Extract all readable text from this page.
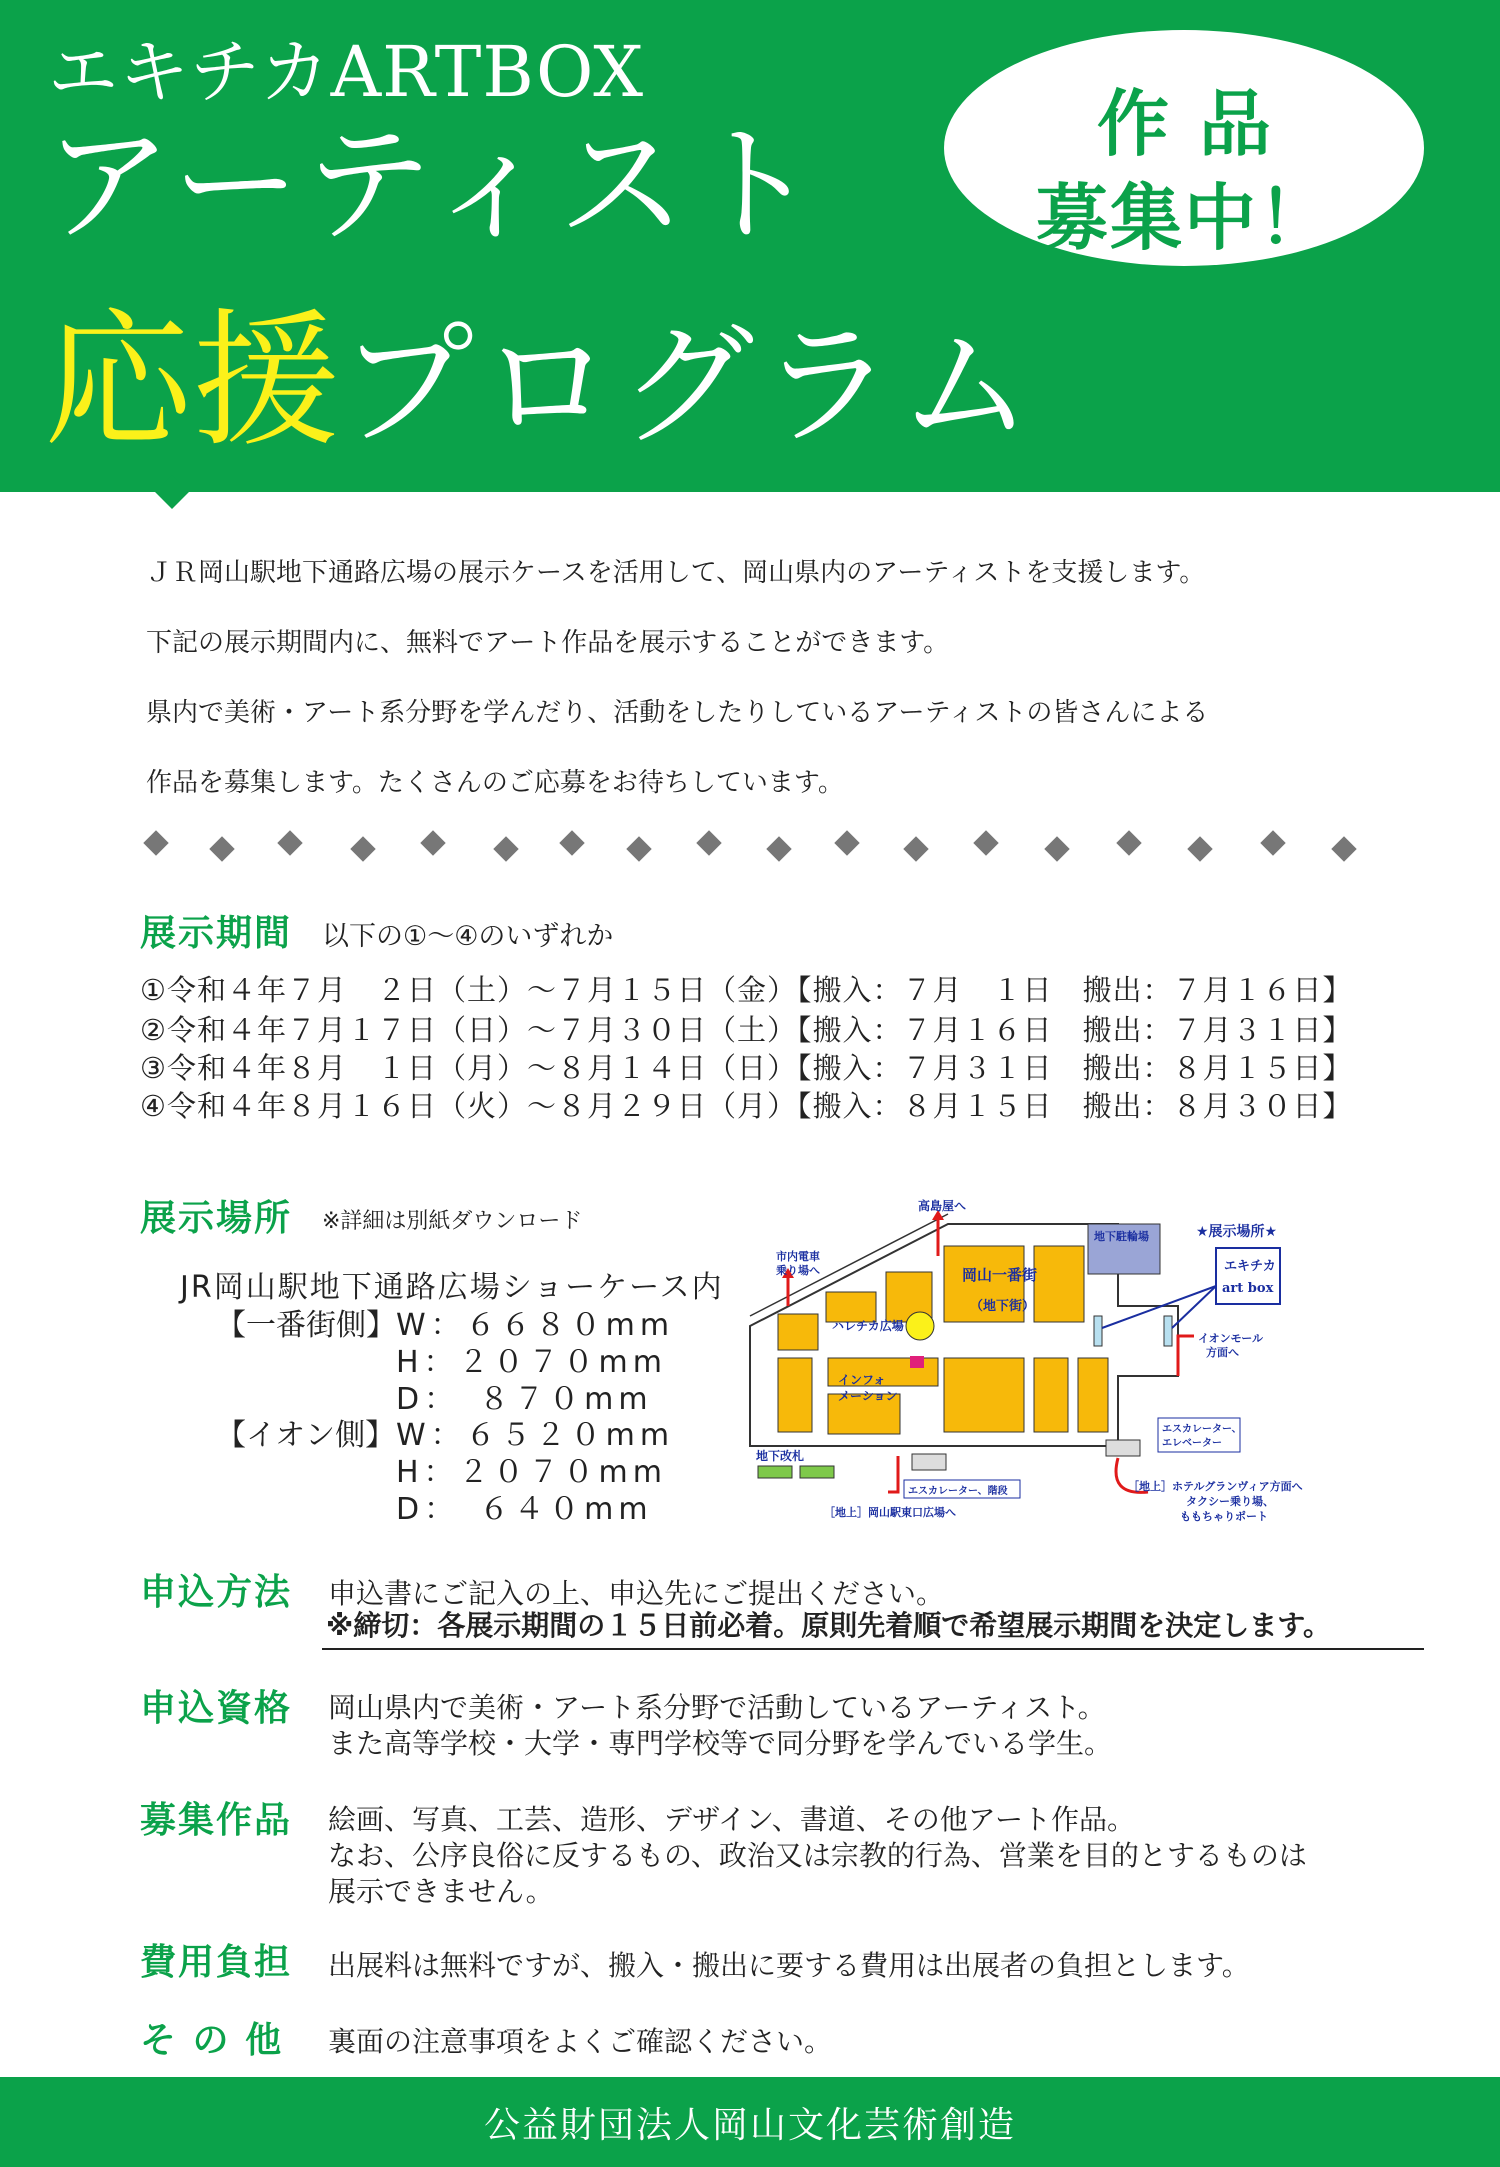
エキチカARTBOX
アーティスト
応援プログラム
作品
募集中！
ＪＲ岡山駅地下通路広場の展示ケースを活用して、岡山県内のアーティストを支援します。
下記の展示期間内に、無料でアート作品を展示することができます。
県内で美術・アート系分野を学んだり、活動をしたりしているアーティストの皆さんによる
作品を募集します。たくさんのご応募をお待ちしています。
展示期間 以下の①～④のいずれか
①令和４年７月　２日（土）～７月１５日（金）【搬入：７月　１日　搬出：７月１６日】
②令和４年７月１７日（日）～７月３０日（土）【搬入：７月１６日　搬出：７月３１日】
③令和４年８月　１日（月）～８月１４日（日）【搬入：７月３１日　搬出：８月１５日】
④令和４年８月１６日（火）～８月２９日（月）【搬入：８月１５日　搬出：８月３０日】
展示場所 ※詳細は別紙ダウンロード
JR岡山駅地下通路広場ショーケース内
【一番街側】 W：６６８０mm
H：２０７０mm
D：　８７０mm
【イオン側】 W：６５２０mm
H：２０７０mm
D：　６４０mm
高島屋へ
市内電車
乗り場へ
地下駐輪場	★展示場所★
エキチカ
art box
岡山一番街
（地下街）
ハレチカ広場
インフォ
メーション
イオンモール
方面へ
エスカレーター、
エレベーター
地下改札
エスカレーター、階段
［地上］岡山駅東口広場へ
［地上］ホテルグランヴィア方面へ
タクシー乗り場、
ももちゃりポート
申込方法 申込書にご記入の上、申込先にご提出ください。
※締切：各展示期間の１５日前必着。原則先着順で希望展示期間を決定します。
申込資格 岡山県内で美術・アート系分野で活動しているアーティスト。
また高等学校・大学・専門学校等で同分野を学んでいる学生。
募集作品 絵画、写真、工芸、造形、デザイン、書道、その他アート作品。
なお、公序良俗に反するもの、政治又は宗教的行為、営業を目的とするものは
展示できません。
費用負担 出展料は無料ですが、搬入・搬出に要する費用は出展者の負担とします。
そ の 他 裏面の注意事項をよくご確認ください。
公益財団法人岡山文化芸術創造
